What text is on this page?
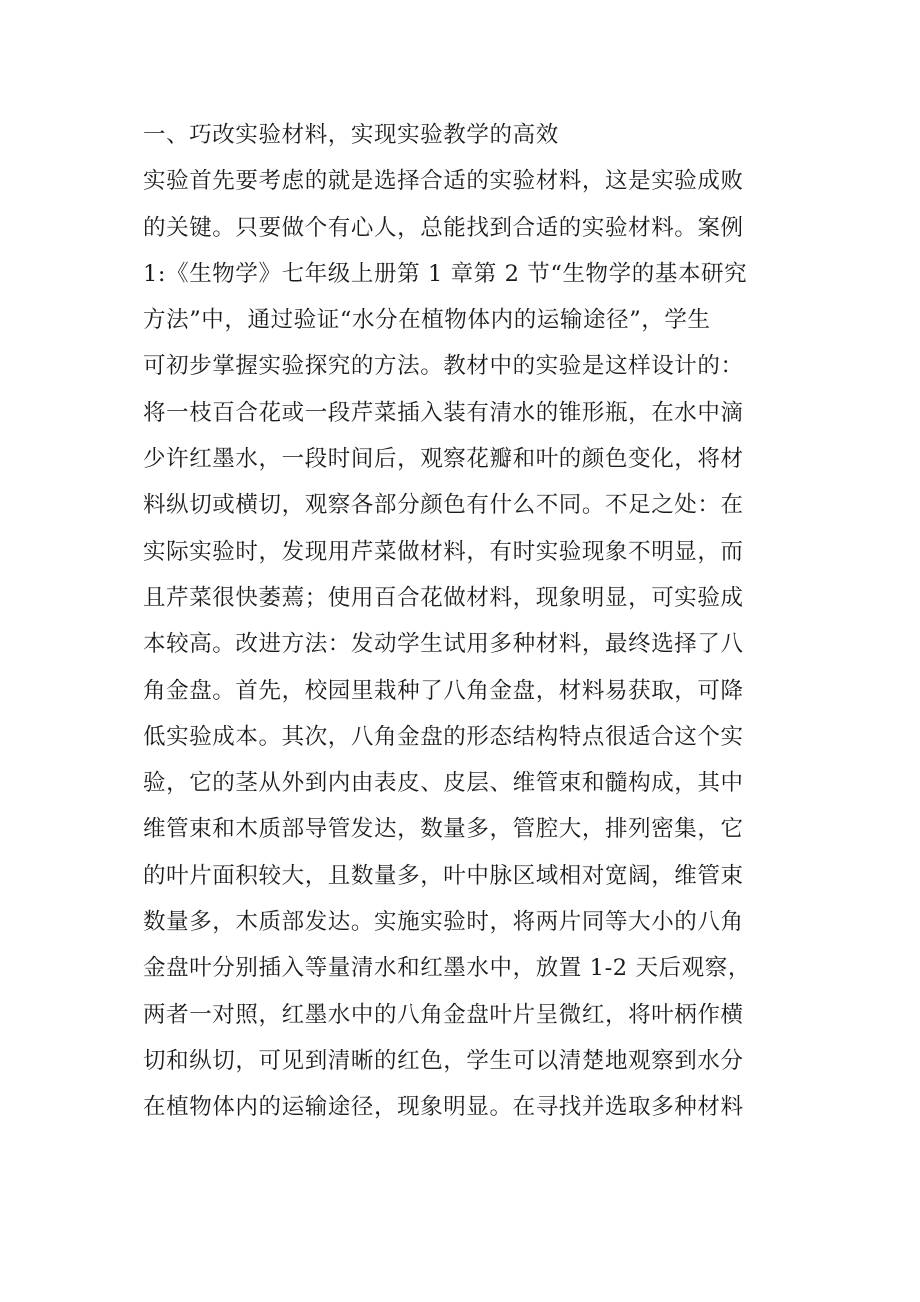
一、巧改实验材料，实现实验教学的高效
实验首先要考虑的就是选择合适的实验材料，这是实验成败
的关键。只要做个有心人，总能找到合适的实验材料。案例
1:《生物学》七年级上册第 1 章第 2 节“生物学的基本研究
方法”中，通过验证“水分在植物体内的运输途径”，学生
可初步掌握实验探究的方法。教材中的实验是这样设计的：
将一枝百合花或一段芹菜插入装有清水的锥形瓶，在水中滴
少许红墨水，一段时间后，观察花瓣和叶的颜色变化，将材
料纵切或横切，观察各部分颜色有什么不同。不足之处：在
实际实验时，发现用芹菜做材料，有时实验现象不明显，而
且芹菜很快萎蔫；使用百合花做材料，现象明显，可实验成
本较高。改进方法：发动学生试用多种材料，最终选择了八
角金盘。首先，校园里栽种了八角金盘，材料易获取，可降
低实验成本。其次，八角金盘的形态结构特点很适合这个实
验，它的茎从外到内由表皮、皮层、维管束和髓构成，其中
维管束和木质部导管发达，数量多，管腔大，排列密集，它
的叶片面积较大，且数量多，叶中脉区域相对宽阔，维管束
数量多，木质部发达。实施实验时，将两片同等大小的八角
金盘叶分别插入等量清水和红墨水中，放置 1-2 天后观察，
两者一对照，红墨水中的八角金盘叶片呈微红，将叶柄作横
切和纵切，可见到清晰的红色，学生可以清楚地观察到水分
在植物体内的运输途径，现象明显。在寻找并选取多种材料
